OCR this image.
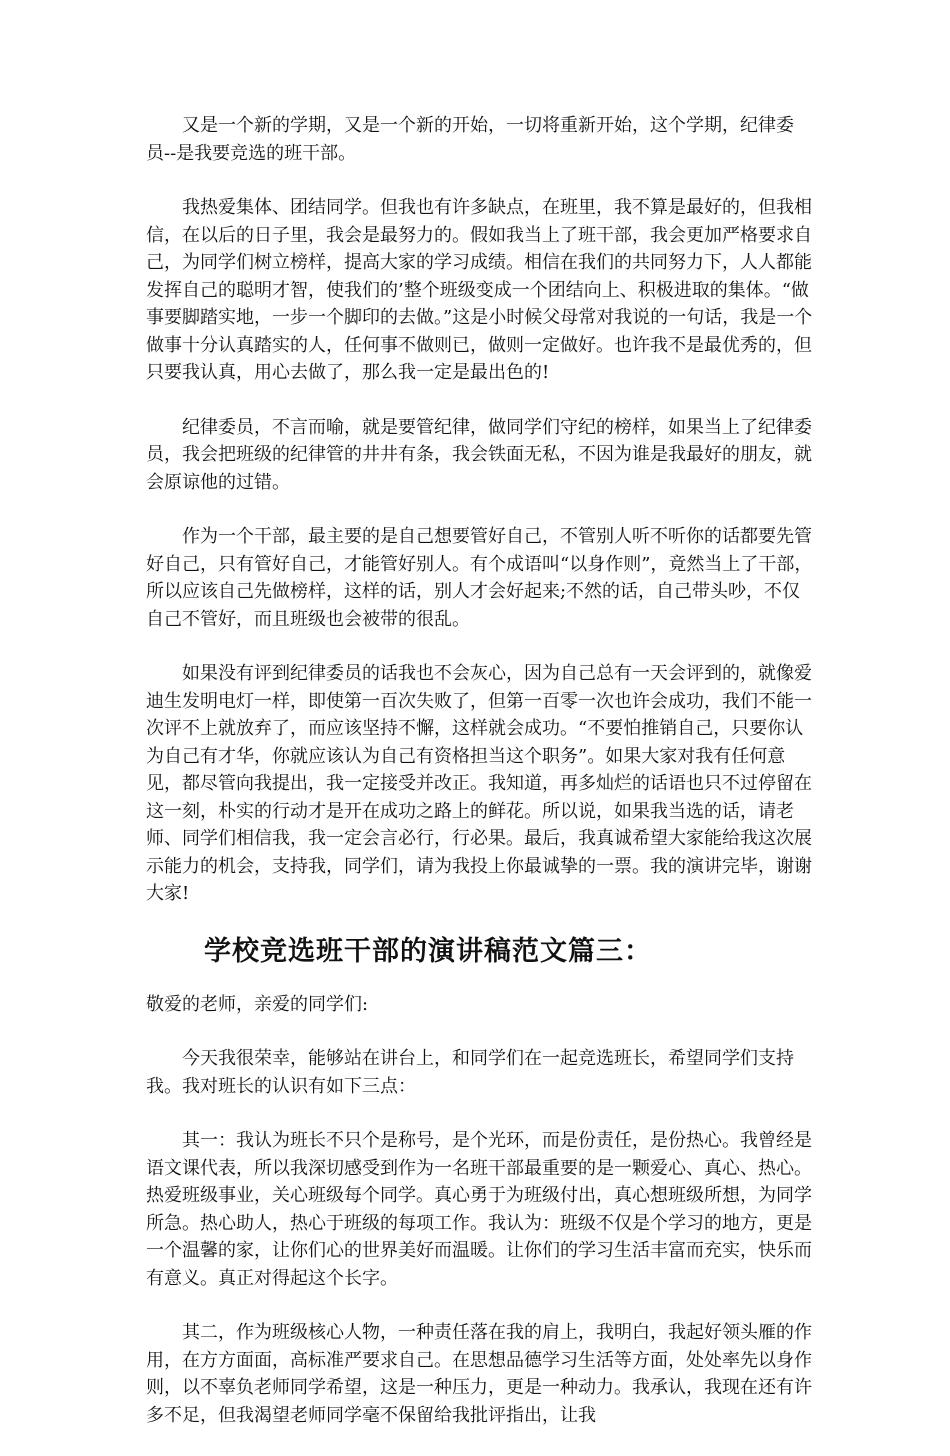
又是一个新的学期，又是一个新的开始，一切将重新开始，这个学期，纪律委员--是我要竞选的班干部。

我热爱集体、团结同学。但我也有许多缺点，在班里，我不算是最好的，但我相信，在以后的日子里，我会是最努力的。假如我当上了班干部，我会更加严格要求自己，为同学们树立榜样，提高大家的学习成绩。相信在我们的共同努力下，人人都能发挥自己的聪明才智，使我们的’整个班级变成一个团结向上、积极进取的集体。“做事要脚踏实地，一步一个脚印的去做。”这是小时候父母常对我说的一句话，我是一个做事十分认真踏实的人，任何事不做则已，做则一定做好。也许我不是最优秀的，但只要我认真，用心去做了，那么我一定是最出色的!

纪律委员，不言而喻，就是要管纪律，做同学们守纪的榜样，如果当上了纪律委员，我会把班级的纪律管的井井有条，我会铁面无私，不因为谁是我最好的朋友，就会原谅他的过错。

作为一个干部，最主要的是自己想要管好自己，不管别人听不听你的话都要先管好自己，只有管好自己，才能管好别人。有个成语叫“以身作则”，竟然当上了干部，所以应该自己先做榜样，这样的话，别人才会好起来;不然的话，自己带头吵，不仅自己不管好，而且班级也会被带的很乱。

如果没有评到纪律委员的话我也不会灰心，因为自己总有一天会评到的，就像爱迪生发明电灯一样，即使第一百次失败了，但第一百零一次也许会成功，我们不能一次评不上就放弃了，而应该坚持不懈，这样就会成功。“不要怕推销自己，只要你认为自己有才华，你就应该认为自己有资格担当这个职务”。如果大家对我有任何意见，都尽管向我提出，我一定接受并改正。我知道，再多灿烂的话语也只不过停留在这一刻，朴实的行动才是开在成功之路上的鲜花。所以说，如果我当选的话，请老师、同学们相信我，我一定会言必行，行必果。最后，我真诚希望大家能给我这次展示能力的机会，支持我，同学们，请为我投上你最诚挚的一票。我的演讲完毕，谢谢大家!

学校竞选班干部的演讲稿范文篇三：

敬爱的老师，亲爱的同学们:

今天我很荣幸，能够站在讲台上，和同学们在一起竞选班长，希望同学们支持我。我对班长的认识有如下三点：

其一：我认为班长不只个是称号，是个光环，而是份责任，是份热心。我曾经是语文课代表，所以我深切感受到作为一名班干部最重要的是一颗爱心、真心、热心。热爱班级事业，关心班级每个同学。真心勇于为班级付出，真心想班级所想，为同学所急。热心助人，热心于班级的每项工作。我认为：班级不仅是个学习的地方，更是一个温馨的家，让你们心的世界美好而温暖。让你们的学习生活丰富而充实，快乐而有意义。真正对得起这个长字。

其二，作为班级核心人物，一种责任落在我的肩上，我明白，我起好领头雁的作用，在方方面面，高标准严要求自己。在思想品德学习生活等方面，处处率先以身作则，以不辜负老师同学希望，这是一种压力，更是一种动力。我承认，我现在还有许多不足，但我渴望老师同学毫不保留给我批评指出，让我
